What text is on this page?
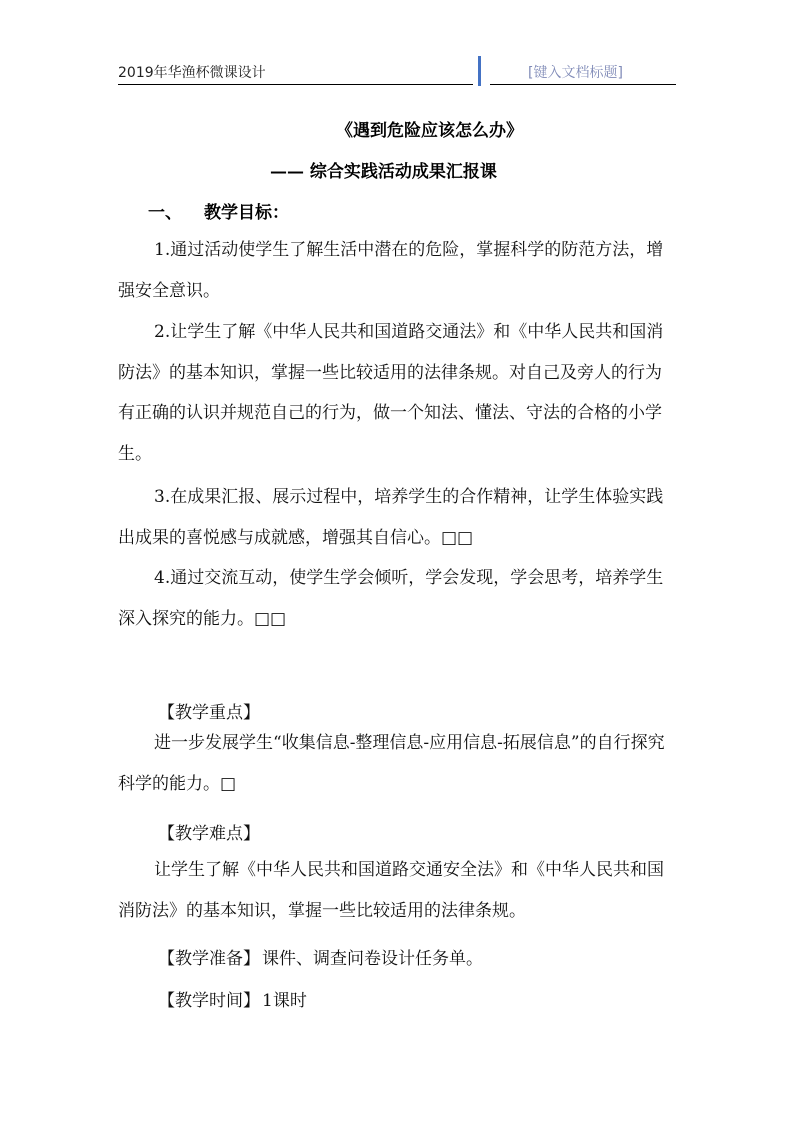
2019年华渔杯微课设计	[键入文档标题]
《遇到危险应该怎么办》
—— 综合实践活动成果汇报课
一、 教学目标：

1.通过活动使学生了解生活中潜在的危险，掌握科学的防范方法，增强安全意识。

2.让学生了解《中华人民共和国道路交通法》和《中华人民共和国消防法》的基本知识，掌握一些比较适用的法律条规。对自己及旁人的行为有正确的认识并规范自己的行为，做一个知法、懂法、守法的合格的小学生。

3.在成果汇报、展示过程中，培养学生的合作精神，让学生体验实践出成果的喜悦感与成就感，增强其自信心。□□

4.通过交流互动，使学生学会倾听，学会发现，学会思考，培养学生深入探究的能力。□□

【教学重点】

进一步发展学生“收集信息-整理信息-应用信息-拓展信息”的自行探究科学的能力。□

【教学难点】

让学生了解《中华人民共和国道路交通安全法》和《中华人民共和国消防法》的基本知识，掌握一些比较适用的法律条规。

【教学准备】 课件、调查问卷设计任务单。
【教学时间】 1课时
